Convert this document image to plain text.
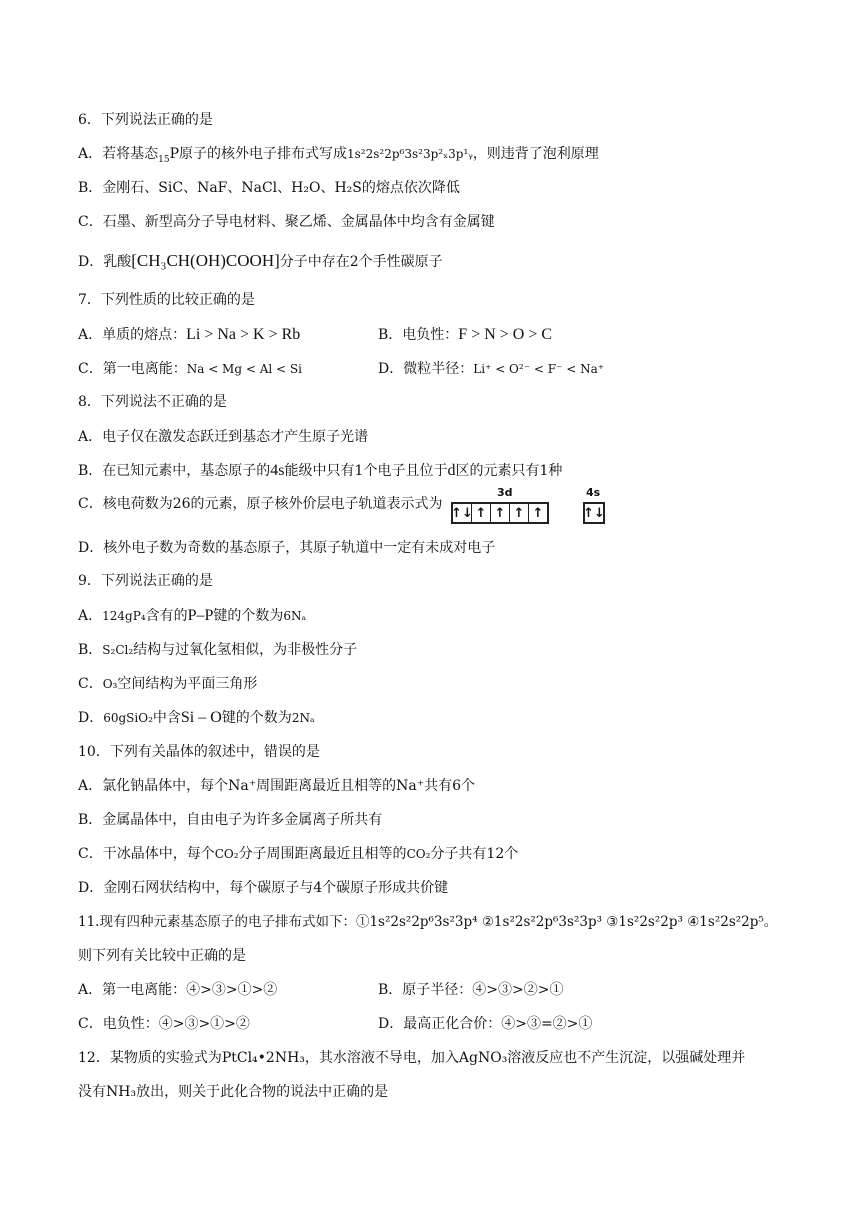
6．下列说法正确的是
A．若将基态$_{15}$P原子的核外电子排布式写成1s²2s²2p⁶3s²3p²ₓ3p¹ᵧ，则违背了泡利原理
B．金刚石、SiC、NaF、NaCl、H₂O、H₂S的熔点依次降低
C．石墨、新型高分子导电材料、聚乙烯、金属晶体中均含有金属键
D．乳酸[CH₃CH(OH)COOH]分子中存在2个手性碳原子
7．下列性质的比较正确的是
A．单质的熔点：Li > Na > K > Rb	B．电负性：F > N > O > C
C．第一电离能：Na < Mg < Al < Si	D．微粒半径：Li⁺ < O²⁻ < F⁻ < Na⁺
8．下列说法不正确的是
A．电子仅在激发态跃迁到基态才产生原子光谱
B．在已知元素中，基态原子的4s能级中只有1个电子且位于d区的元素只有1种
C．核电荷数为26的元素，原子核外价层电子轨道表示式为
3d	4s
↑↓ ↑ ↑ ↑ ↑	↑↓
D．核外电子数为奇数的基态原子，其原子轨道中一定有未成对电子
9．下列说法正确的是
A．124gP₄含有的P–P键的个数为6Nₐ
B．S₂Cl₂结构与过氧化氢相似，为非极性分子
C．O₃空间结构为平面三角形
D．60gSiO₂中含Si – O键的个数为2Nₐ
10．下列有关晶体的叙述中，错误的是
A．氯化钠晶体中，每个Na⁺周围距离最近且相等的Na⁺共有6个
B．金属晶体中，自由电子为许多金属离子所共有
C．干冰晶体中，每个CO₂分子周围距离最近且相等的CO₂分子共有12个
D．金刚石网状结构中，每个碳原子与4个碳原子形成共价键
11.现有四种元素基态原子的电子排布式如下：①1s²2s²2p⁶3s²3p⁴ ②1s²2s²2p⁶3s²3p³ ③1s²2s²2p³ ④1s²2s²2p⁵。
则下列有关比较中正确的是
A．第一电离能：④>③>①>②	B．原子半径：④>③>②>①
C．电负性：④>③>①>②	D．最高正化合价：④>③=②>①
12．某物质的实验式为PtCl₄•2NH₃，其水溶液不导电，加入AgNO₃溶液反应也不产生沉淀，以强碱处理并
没有NH₃放出，则关于此化合物的说法中正确的是
